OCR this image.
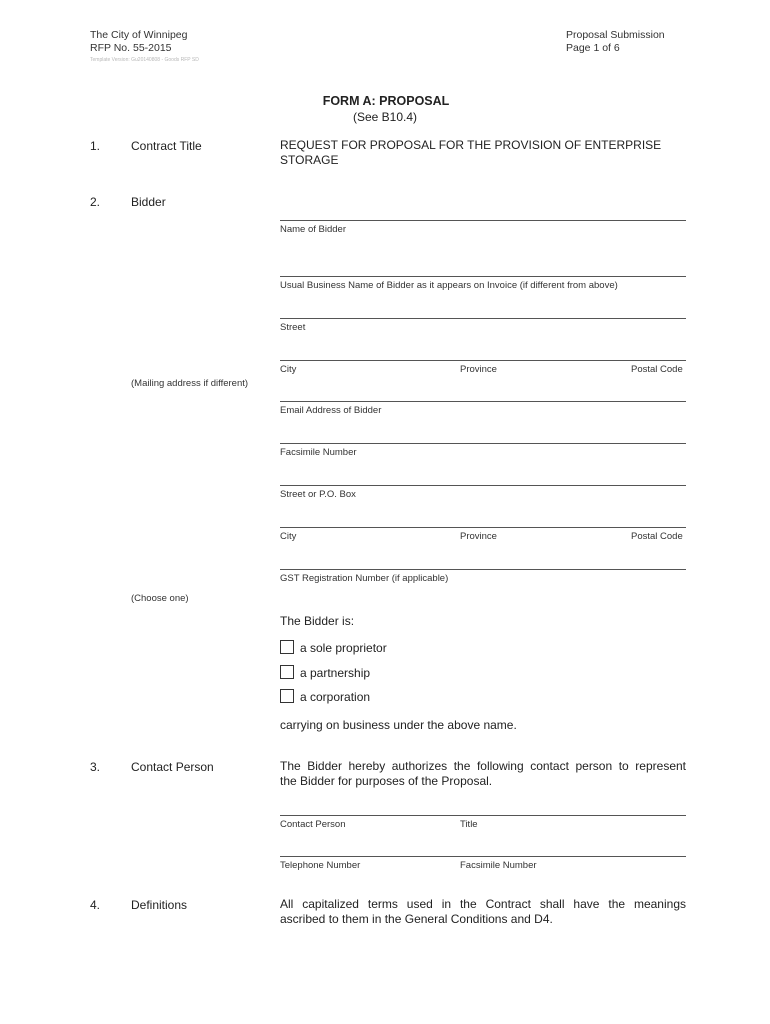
The City of Winnipeg
RFP No. 55-2015
Template Version: Gu20140808 - Goods RFP SD
Proposal Submission
Page 1 of 6
FORM A: PROPOSAL
(See B10.4)
1.	Contract Title	REQUEST FOR PROPOSAL FOR THE PROVISION OF ENTERPRISE
STORAGE
2.	Bidder
Name of Bidder
Usual Business Name of Bidder as it appears on Invoice (if different from above)
Street
City	Province	Postal Code
(Mailing address if different)
Email Address of Bidder
Facsimile Number
Street or P.O. Box
City	Province	Postal Code
GST Registration Number (if applicable)
(Choose one)
The Bidder is:
a sole proprietor
a partnership
a corporation
carrying on business under the above name.
3.	Contact Person	The Bidder hereby authorizes the following contact person to represent
the Bidder for purposes of the Proposal.
Contact Person	Title
Telephone Number	Facsimile Number
4.	Definitions	All capitalized terms used in the Contract shall have the meanings
ascribed to them in the General Conditions and D4.
